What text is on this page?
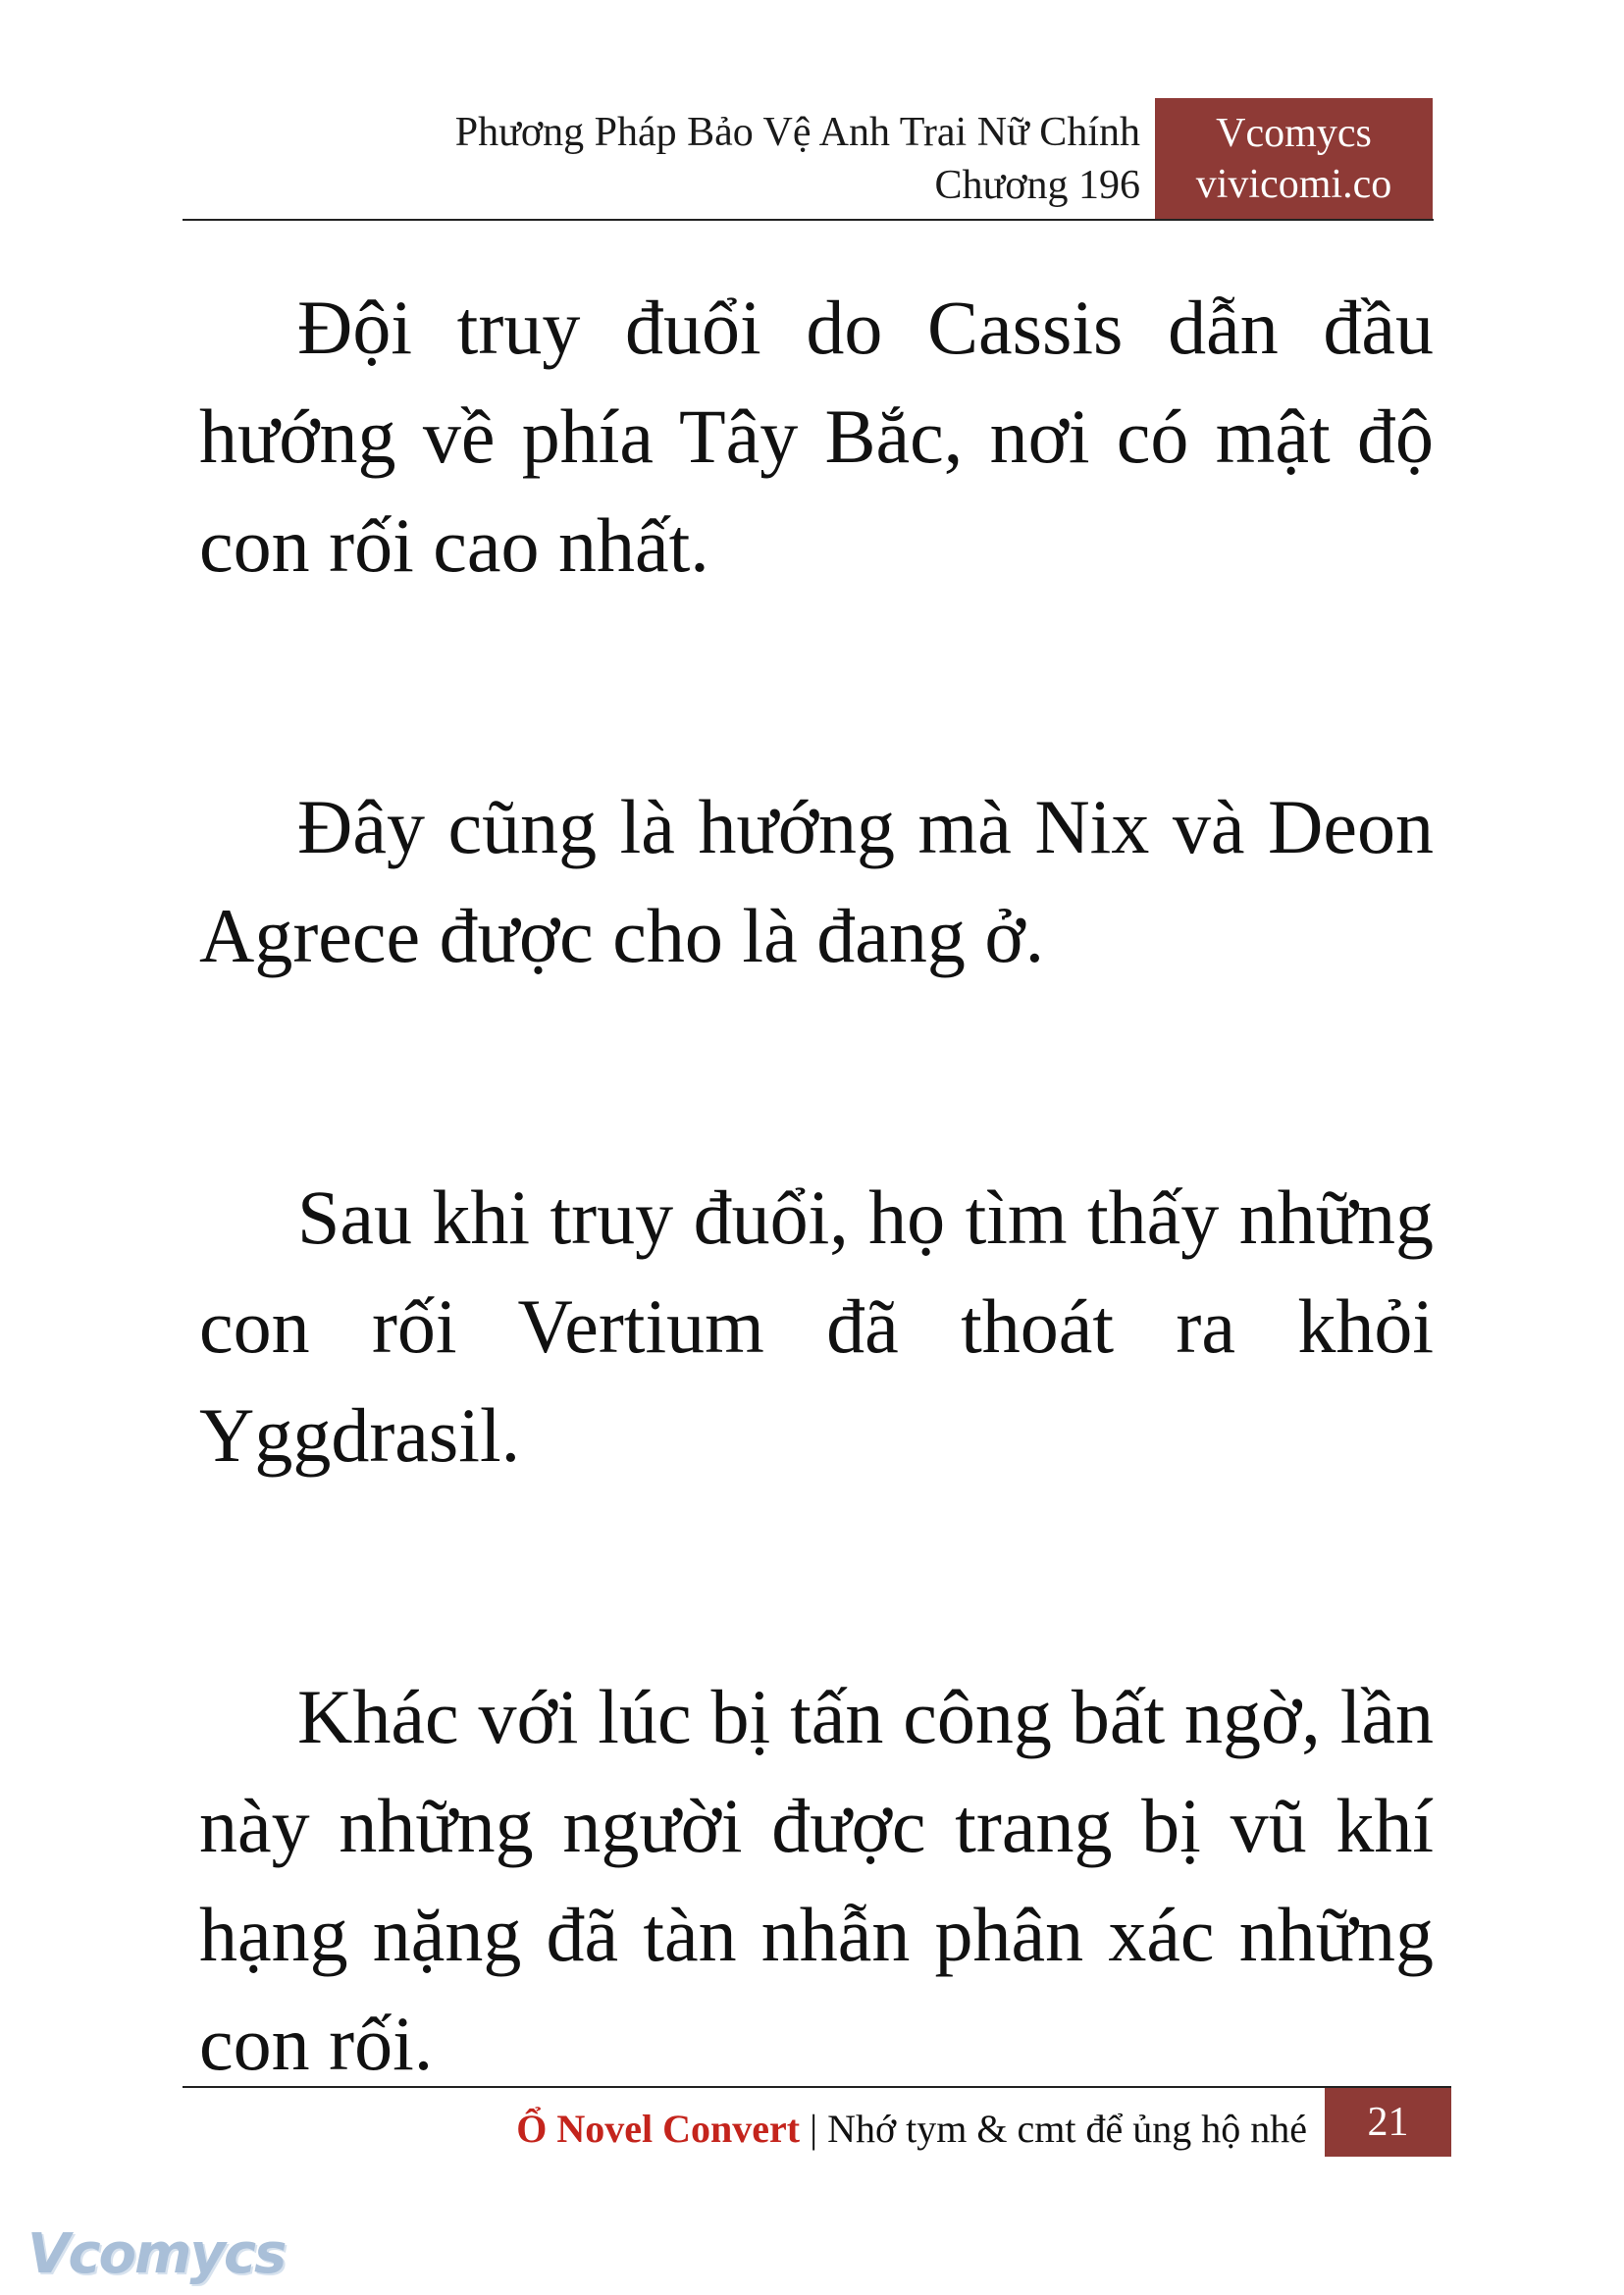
Phương Pháp Bảo Vệ Anh Trai Nữ Chính
Chương 196
Vcomycs
vivicomi.co

Đội truy đuổi do Cassis dẫn đầu hướng về phía Tây Bắc, nơi có mật độ con rối cao nhất.

Đây cũng là hướng mà Nix và Deon Agrece được cho là đang ở.

Sau khi truy đuổi, họ tìm thấy những con rối Vertium đã thoát ra khỏi Yggdrasil.

Khác với lúc bị tấn công bất ngờ, lần này những người được trang bị vũ khí hạng nặng đã tàn nhẫn phân xác những con rối.

Ổ Novel Convert | Nhớ tym & cmt để ủng hộ nhé	21
Vcomycs
